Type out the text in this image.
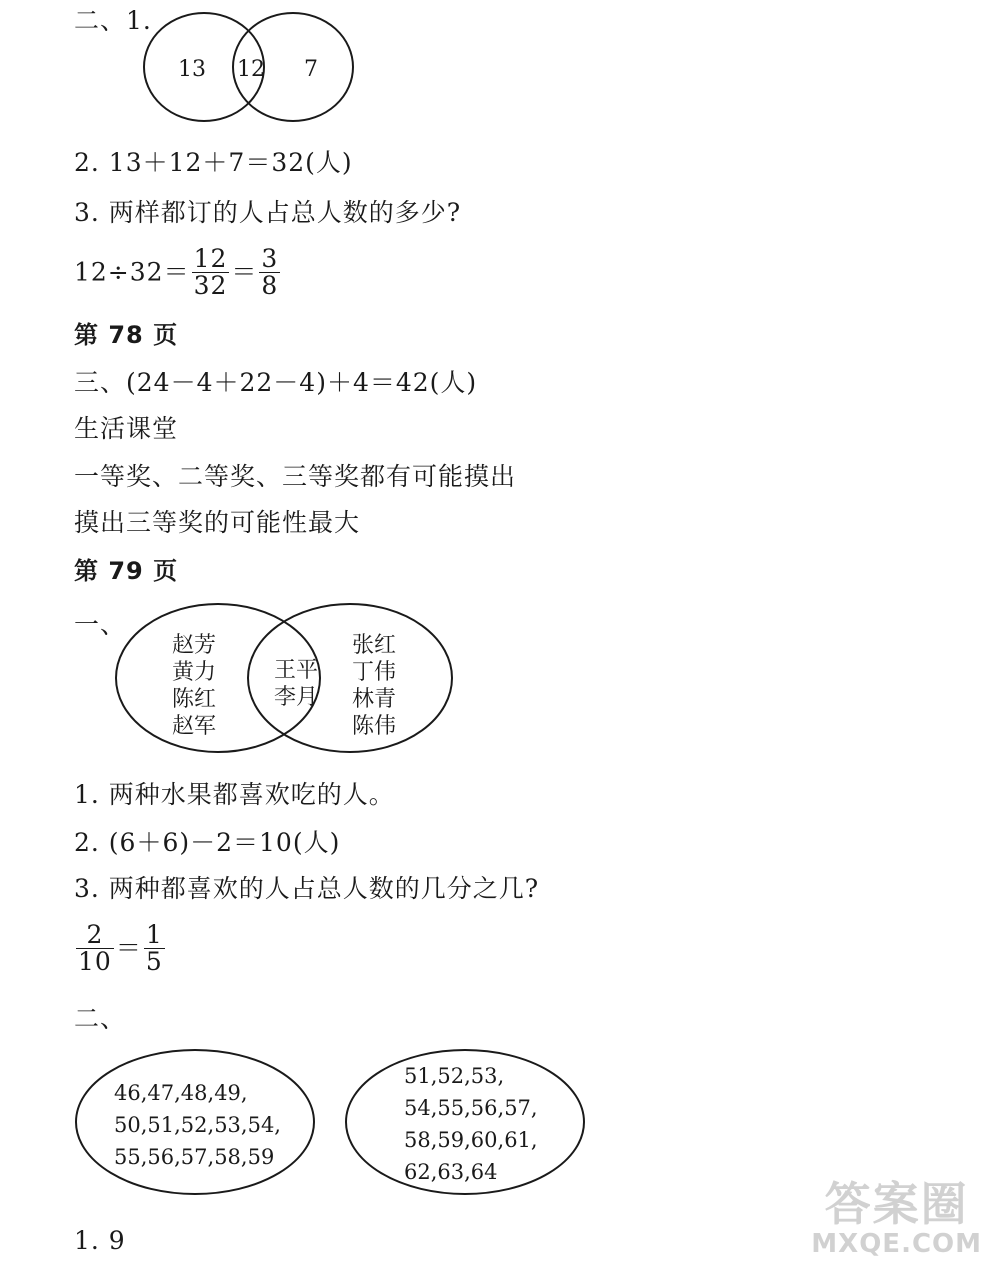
二、1.
13 12 7
2. 13＋12＋7＝32(人)
3. 两样都订的人占总人数的多少?
$12\div 32= \frac{12}{32} = \frac{3}{8}$
第 78 页
三、(24－4＋22－4)＋4＝42(人)
生活课堂
一等奖、二等奖、三等奖都有可能摸出
摸出三等奖的可能性最大
第 79 页
一、
赵芳
黄力
陈红
赵军
王平
李月
张红
丁伟
林青
陈伟
1. 两种水果都喜欢吃的人。
2. (6＋6)－2＝10(人)
3. 两种都喜欢的人占总人数的几分之几?
$\frac{2}{10} = \frac{1}{5}$
二、
46,47,48,49,
50,51,52,53,54,
55,56,57,58,59
51,52,53,
54,55,56,57,
58,59,60,61,
62,63,64
1. 9
答案圈
MXQE.COM
